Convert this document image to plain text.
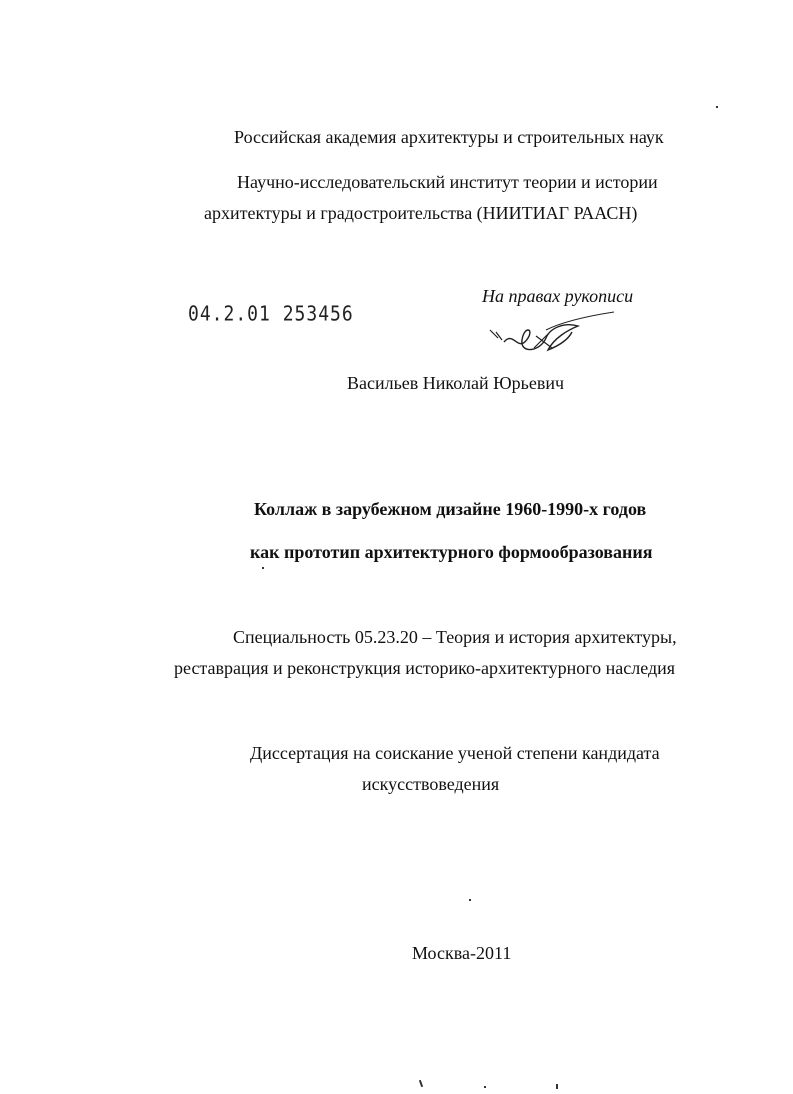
Российская академия архитектуры и строительных наук
Научно-исследовательский институт теории и истории
архитектуры и градостроительства (НИИТИАГ РААСН)
На правах рукописи
04.2.01 253456
Васильев Николай Юрьевич
Коллаж в зарубежном дизайне 1960-1990-х годов
как прототип архитектурного формообразования
Специальность 05.23.20 – Теория и история архитектуры,
реставрация и реконструкция историко-архитектурного наследия
Диссертация на соискание ученой степени кандидата
искусствоведения
Москва-2011
